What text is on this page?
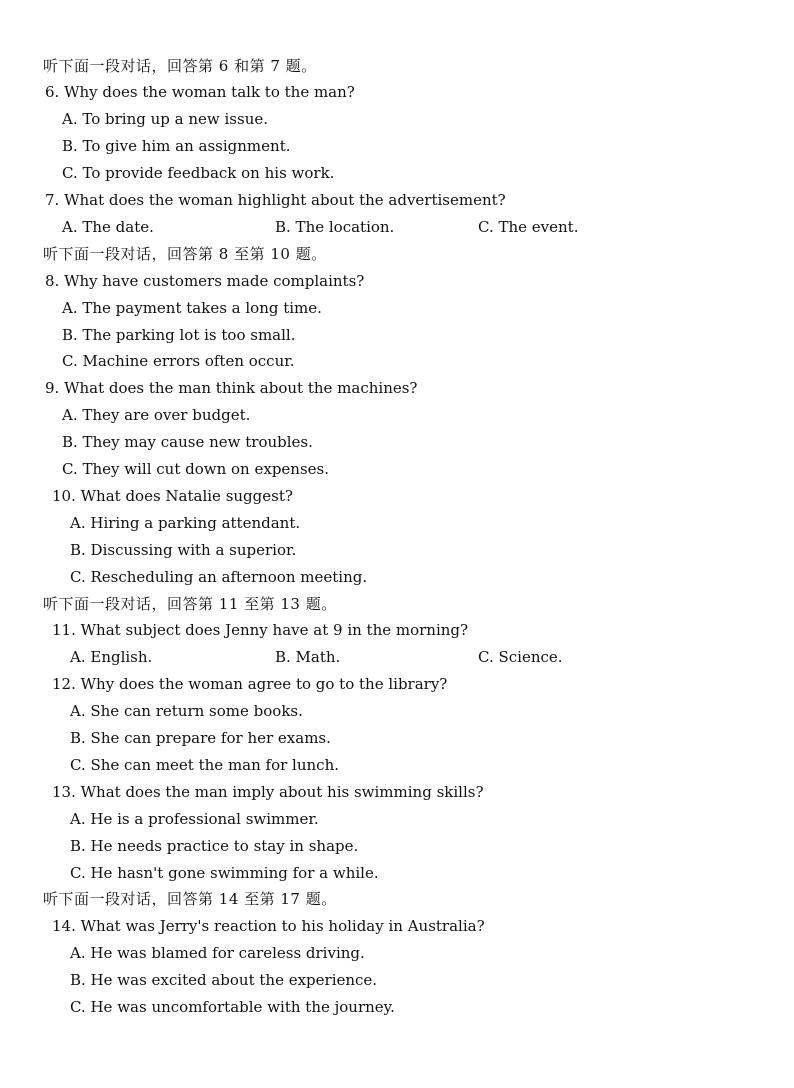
听下面一段对话，回答第 6 和第 7 题。
6. Why does the woman talk to the man?
A. To bring up a new issue.
B. To give him an assignment.
C. To provide feedback on his work.
7. What does the woman highlight about the advertisement?
A. The date.	B. The location.	C. The event.
听下面一段对话，回答第 8 至第 10 题。
8. Why have customers made complaints?
A. The payment takes a long time.
B. The parking lot is too small.
C. Machine errors often occur.
9. What does the man think about the machines?
A. They are over budget.
B. They may cause new troubles.
C. They will cut down on expenses.
10. What does Natalie suggest?
A. Hiring a parking attendant.
B. Discussing with a superior.
C. Rescheduling an afternoon meeting.
听下面一段对话，回答第 11 至第 13 题。
11. What subject does Jenny have at 9 in the morning?
A. English.	B. Math.	C. Science.
12. Why does the woman agree to go to the library?
A. She can return some books.
B. She can prepare for her exams.
C. She can meet the man for lunch.
13. What does the man imply about his swimming skills?
A. He is a professional swimmer.
B. He needs practice to stay in shape.
C. He hasn't gone swimming for a while.
听下面一段对话，回答第 14 至第 17 题。
14. What was Jerry's reaction to his holiday in Australia?
A. He was blamed for careless driving.
B. He was excited about the experience.
C. He was uncomfortable with the journey.
